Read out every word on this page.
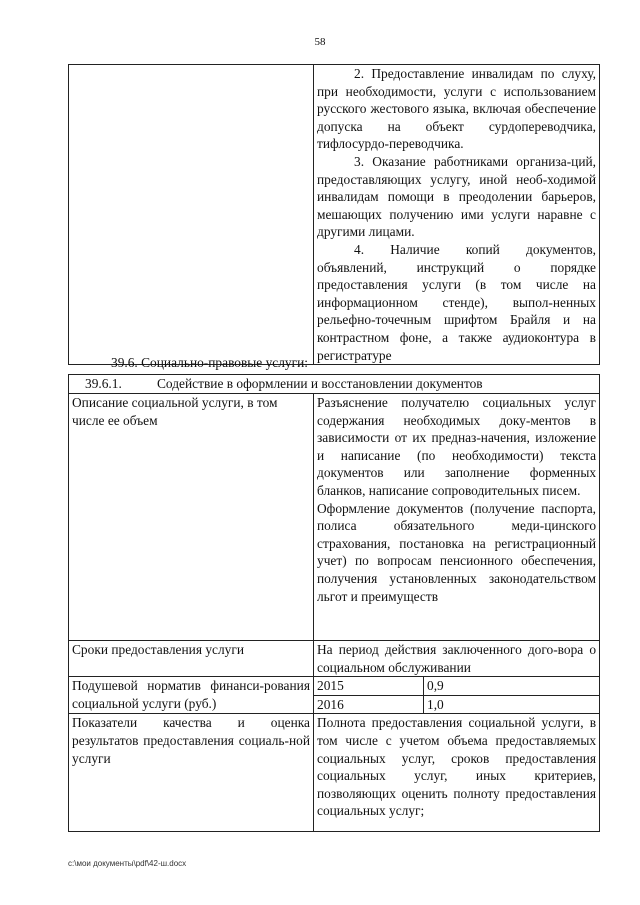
58

2. Предоставление инвалидам по слуху, при необходимости, услуги с использованием русского жестового языка, включая обеспечение допуска на объект сурдопереводчика, тифлосурдо-переводчика.

3. Оказание работниками организа-ций, предоставляющих услугу, иной необ-ходимой инвалидам помощи в преодолении барьеров, мешающих получению ими услуги наравне с другими лицами.

4. Наличие копий документов, объявлений, инструкций о порядке предоставления услуги (в том числе на информационном стенде), выпол-ненных рельефно-точечным шрифтом Брайля и на контрастном фоне, а также аудиоконтура в регистратуре

39.6. Социально-правовые услуги:
39.6.1. Содействие в оформлении и восстановлении документов		
Описание социальной услуги, в том числе ее объем	Разъяснение получателю социальных услуг содержания необходимых доку-ментов в зависимости от их предназ-начения, изложение и написание (по необходимости) текста документов или заполнение форменных бланков, написание сопроводительных писем.

Оформление документов (получение паспорта, полиса обязательного меди-цинского страхования, постановка на регистрационный учет) по вопросам пенсионного обеспечения, получения установленных законодательством льгот и преимуществ	

Сроки предоставления услуги	На период действия заключенного дого-вора о социальном обслуживании	
Подушевой норматив финанси-рования социальной услуги (руб.)	2015	0,9
	2016	1,0
Показатели качества и оценка результатов предоставления социаль-ной услуги	Полнота предоставления социальной услуги, в том числе с учетом объема предоставляемых социальных услуг, сроков предоставления социальных услуг, иных критериев, позволяющих оценить полноту предоставления социальных услуг;	
c:\мои документы\pdf\42-ш.docx
